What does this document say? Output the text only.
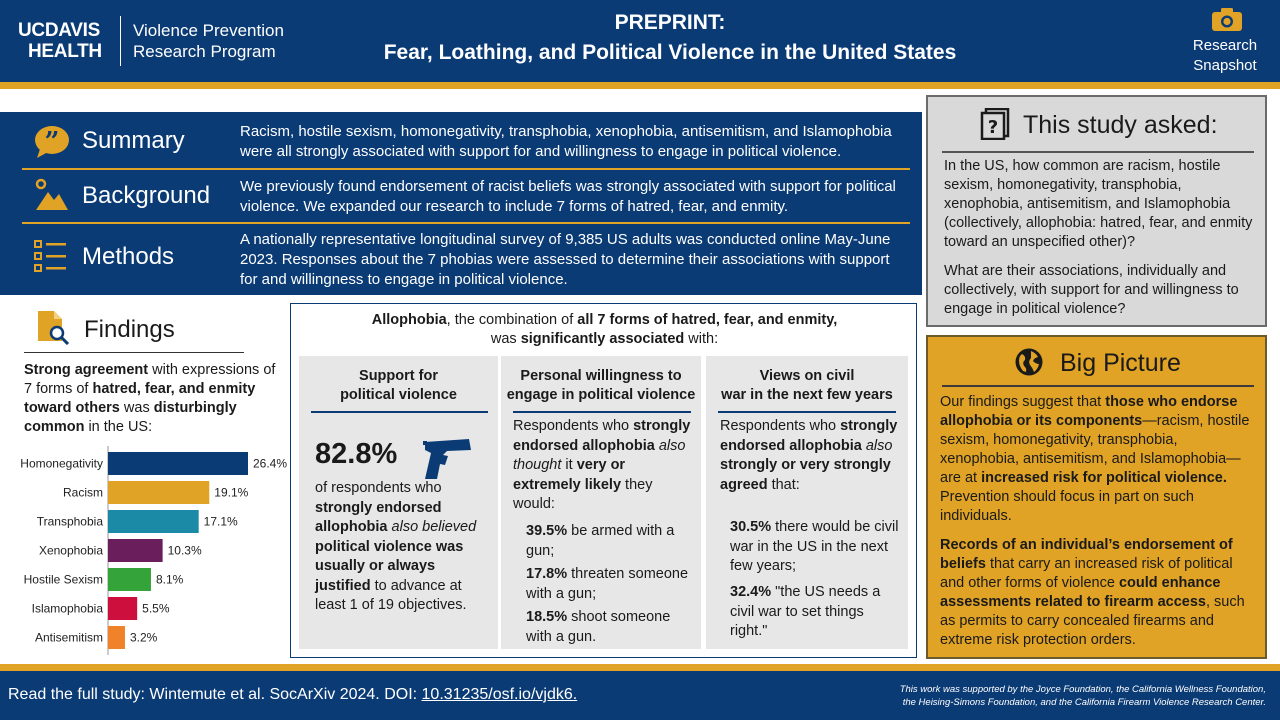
UCDAVIS
HEALTH
Violence Prevention
Research Program
PREPRINT:
Fear, Loathing, and Political Violence in the United States	Research
Snapshot
” Summary	Racism, hostile sexism, homonegativity, transphobia, xenophobia, antisemitism, and Islamophobia were all strongly associated with support for and willingness to engage in political violence.
Background We previously found endorsement of racist beliefs was strongly associated with support for political violence. We expanded our research to include 7 forms of hatred, fear, and enmity.
Methods
A nationally representative longitudinal survey of 9,385 US adults was conducted online May-June 2023. Responses about the 7 phobias were assessed to determine their associations with support for and willingness to engage in political violence.
? This study asked:
In the US, how common are racism, hostile sexism, homonegativity, transphobia, xenophobia, antisemitism, and Islamophobia (collectively, allophobia: hatred, fear, and enmity toward an unspecified other)?
What are their associations, individually and collectively, with support for and willingness to engage in political violence?
Big Picture
Our findings suggest that those who endorse allophobia or its components—racism, hostile sexism, homonegativity, transphobia, xenophobia, antisemitism, and Islamophobia—are at increased risk for political violence. Prevention should focus in part on such individuals.
Records of an individual’s endorsement of beliefs that carry an increased risk of political and other forms of violence could enhance assessments related to firearm access, such as permits to carry concealed firearms and extreme risk protection orders.
Findings
Strong agreement with expressions of 7 forms of hatred, fear, and enmity toward others was disturbingly common in the US:
Homonegativity	26.4%
Racism	19.1%
Transphobia	17.1%
Xenophobia	10.3%
Hostile Sexism	8.1%
Islamophobia	5.5%
Antisemitism 3.2%
Allophobia, the combination of all 7 forms of hatred, fear, and enmity,
was significantly associated with:
Support for
political violence
82.8%
of respondents who strongly endorsed allophobia also believed political violence was usually or always justified to advance at least 1 of 19 objectives.
Personal willingness to
engage in political violence
Respondents who strongly endorsed allophobia also thought it very or extremely likely they would:
39.5% be armed with a gun;
17.8% threaten someone with a gun;
18.5% shoot someone with a gun.
Views on civil
war in the next few years
Respondents who strongly endorsed allophobia also strongly or very strongly agreed that:
30.5% there would be civil war in the US in the next few years;
32.4% "the US needs a civil war to set things right."
Read the full study: Wintemute et al. SocArXiv 2024. DOI: 10.31235/osf.io/vjdk6.	This work was supported by the Joyce Foundation, the California Wellness Foundation,
the Heising-Simons Foundation, and the California Firearm Violence Research Center.
